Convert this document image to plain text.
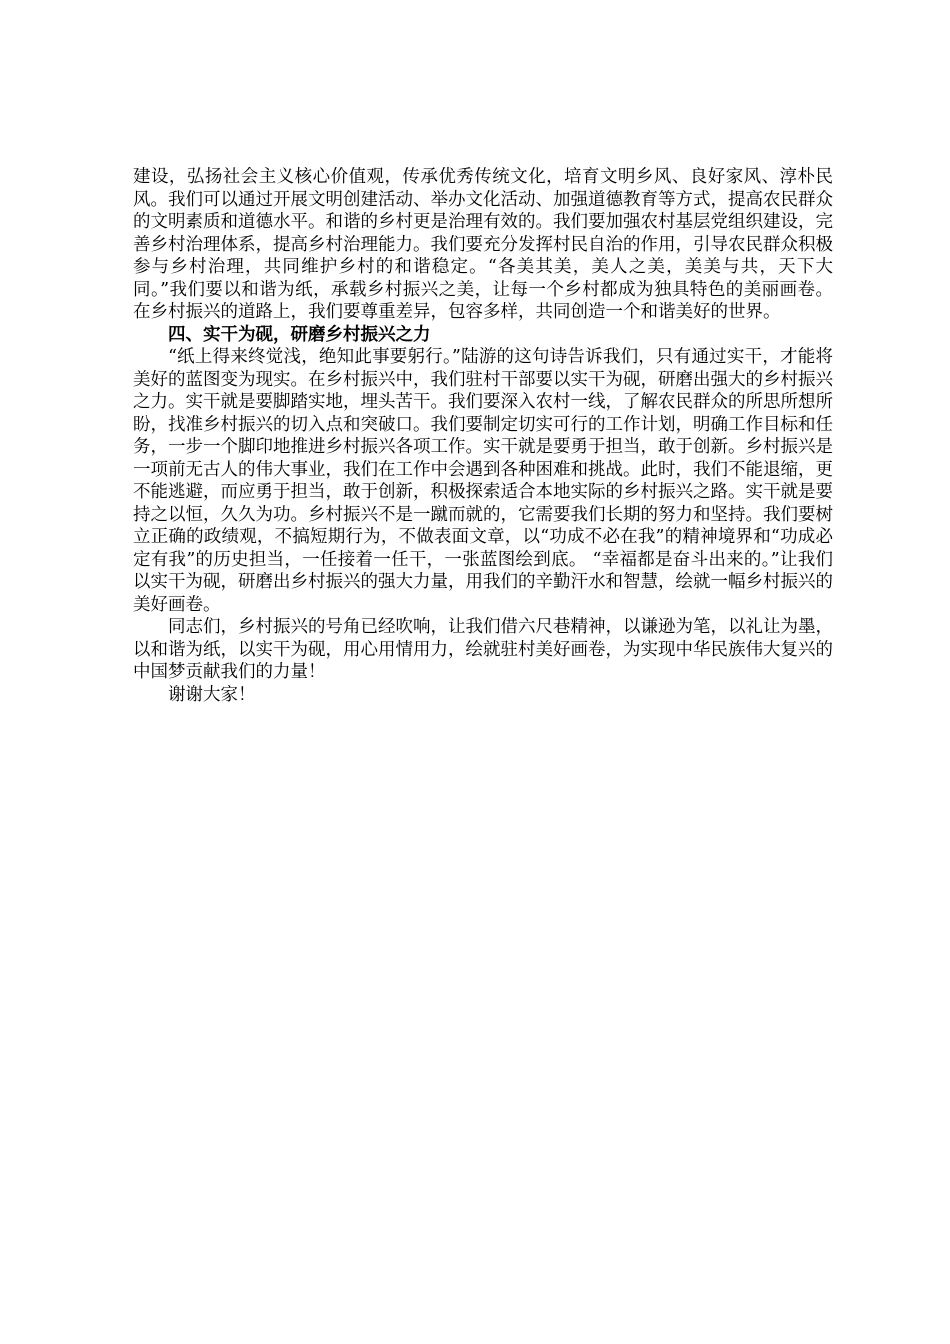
建设，弘扬社会主义核心价值观，传承优秀传统文化，培育文明乡风、良好家风、淳朴民风。我们可以通过开展文明创建活动、举办文化活动、加强道德教育等方式，提高农民群众的文明素质和道德水平。和谐的乡村更是治理有效的。我们要加强农村基层党组织建设，完善乡村治理体系，提高乡村治理能力。我们要充分发挥村民自治的作用，引导农民群众积极参与乡村治理，共同维护乡村的和谐稳定。“各美其美，美人之美，美美与共，天下大同。”我们要以和谐为纸，承载乡村振兴之美，让每一个乡村都成为独具特色的美丽画卷。在乡村振兴的道路上，我们要尊重差异，包容多样，共同创造一个和谐美好的世界。

四、实干为砚，研磨乡村振兴之力

“纸上得来终觉浅，绝知此事要躬行。”陆游的这句诗告诉我们，只有通过实干，才能将美好的蓝图变为现实。在乡村振兴中，我们驻村干部要以实干为砚，研磨出强大的乡村振兴之力。实干就是要脚踏实地，埋头苦干。我们要深入农村一线，了解农民群众的所思所想所盼，找准乡村振兴的切入点和突破口。我们要制定切实可行的工作计划，明确工作目标和任务，一步一个脚印地推进乡村振兴各项工作。实干就是要勇于担当，敢于创新。乡村振兴是一项前无古人的伟大事业，我们在工作中会遇到各种困难和挑战。此时，我们不能退缩，更不能逃避，而应勇于担当，敢于创新，积极探索适合本地实际的乡村振兴之路。实干就是要持之以恒，久久为功。乡村振兴不是一蹴而就的，它需要我们长期的努力和坚持。我们要树立正确的政绩观，不搞短期行为，不做表面文章，以“功成不必在我”的精神境界和“功成必定有我”的历史担当，一任接着一任干，一张蓝图绘到底。 “幸福都是奋斗出来的。”让我们以实干为砚，研磨出乡村振兴的强大力量，用我们的辛勤汗水和智慧，绘就一幅乡村振兴的美好画卷。

同志们，乡村振兴的号角已经吹响，让我们借六尺巷精神，以谦逊为笔，以礼让为墨，以和谐为纸，以实干为砚，用心用情用力，绘就驻村美好画卷，为实现中华民族伟大复兴的中国梦贡献我们的力量！

谢谢大家！
